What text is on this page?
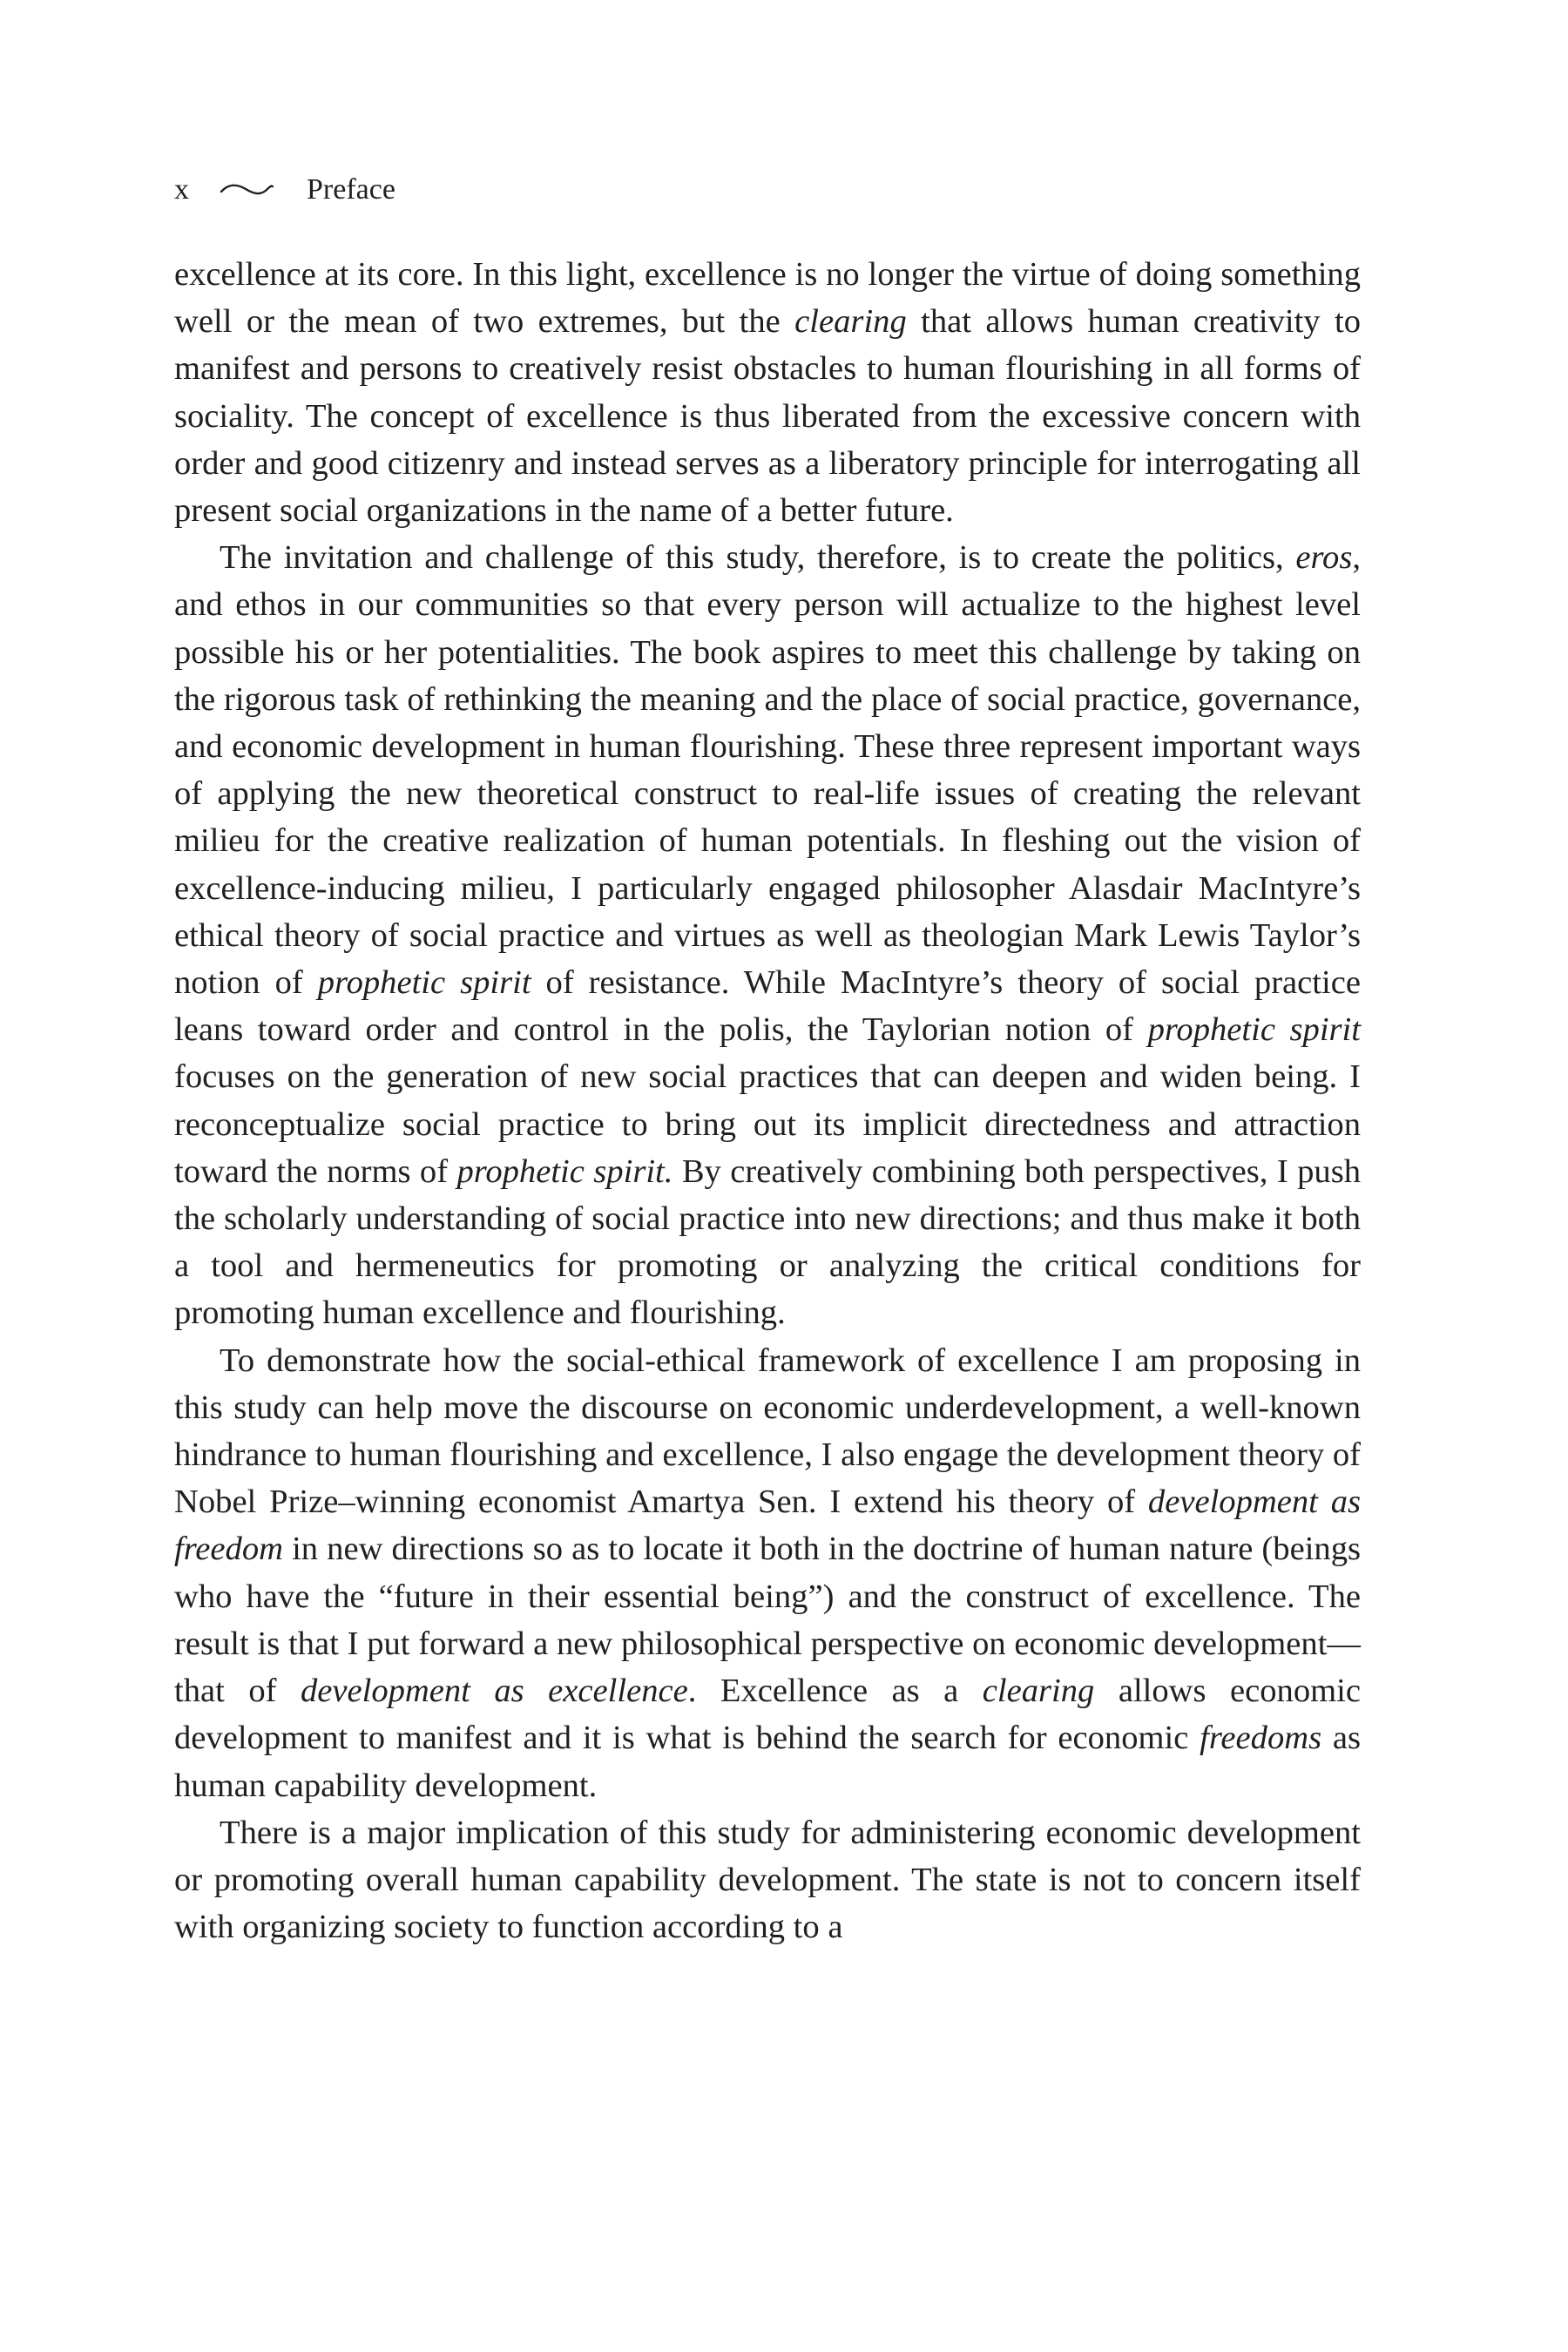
x	Preface

excellence at its core. In this light, excellence is no longer the virtue of doing something well or the mean of two extremes, but the clearing that allows human creativity to manifest and persons to creatively resist obstacles to human flourishing in all forms of sociality. The concept of excellence is thus liberated from the excessive concern with order and good citizenry and instead serves as a liberatory principle for interrogating all present social organizations in the name of a better future.

The invitation and challenge of this study, therefore, is to create the politics, eros, and ethos in our communities so that every person will actualize to the highest level possible his or her potentialities. The book aspires to meet this challenge by taking on the rigorous task of rethinking the meaning and the place of social practice, governance, and economic development in human flourishing. These three represent important ways of applying the new theoretical construct to real-life issues of creating the relevant milieu for the creative realization of human potentials. In fleshing out the vision of excellence-inducing milieu, I particularly engaged philosopher Alasdair MacIntyre’s ethical theory of social practice and virtues as well as theologian Mark Lewis Taylor’s notion of prophetic spirit of resistance. While MacIntyre’s theory of social practice leans toward order and control in the polis, the Taylorian notion of prophetic spirit focuses on the generation of new social practices that can deepen and widen being. I reconceptualize social practice to bring out its implicit directedness and attraction toward the norms of prophetic spirit. By creatively combining both perspectives, I push the scholarly understanding of social practice into new directions; and thus make it both a tool and hermeneutics for promoting or analyzing the critical conditions for promoting human excellence and flourishing.

To demonstrate how the social-ethical framework of excellence I am proposing in this study can help move the discourse on economic underdevelopment, a well-known hindrance to human flourishing and excellence, I also engage the development theory of Nobel Prize–winning economist Amartya Sen. I extend his theory of development as freedom in new directions so as to locate it both in the doctrine of human nature (beings who have the “future in their essential being”) and the construct of excellence. The result is that I put forward a new philosophical perspective on economic development—that of development as excellence. Excellence as a clearing allows economic development to manifest and it is what is behind the search for economic freedoms as human capability development.

There is a major implication of this study for administering economic development or promoting overall human capability development. The state is not to concern itself with organizing society to function according to a
